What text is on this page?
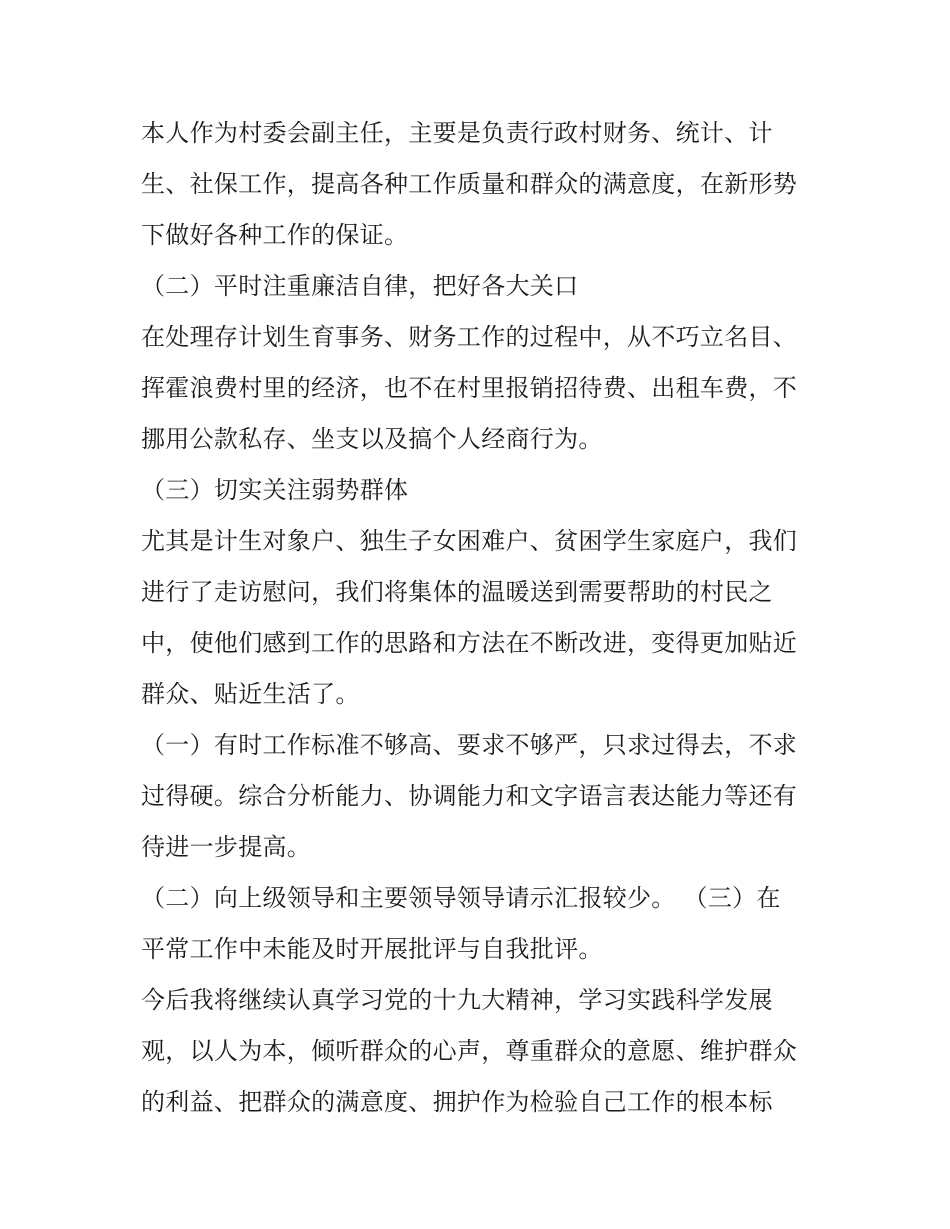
本人作为村委会副主任，主要是负责行政村财务、统计、计
生、社保工作，提高各种工作质量和群众的满意度，在新形势
下做好各种工作的保证。
（二）平时注重廉洁自律，把好各大关口
在处理存计划生育事务、财务工作的过程中，从不巧立名目、
挥霍浪费村里的经济，也不在村里报销招待费、出租车费，不
挪用公款私存、坐支以及搞个人经商行为。
（三）切实关注弱势群体
尤其是计生对象户、独生子女困难户、贫困学生家庭户，我们
进行了走访慰问，我们将集体的温暖送到需要帮助的村民之
中，使他们感到工作的思路和方法在不断改进，变得更加贴近
群众、贴近生活了。
（一）有时工作标准不够高、要求不够严，只求过得去，不求
过得硬。综合分析能力、协调能力和文字语言表达能力等还有
待进一步提高。
（二）向上级领导和主要领导领导请示汇报较少。 （三）在
平常工作中未能及时开展批评与自我批评。
今后我将继续认真学习党的十九大精神，学习实践科学发展
观，以人为本，倾听群众的心声，尊重群众的意愿、维护群众
的利益、把群众的满意度、拥护作为检验自己工作的根本标
